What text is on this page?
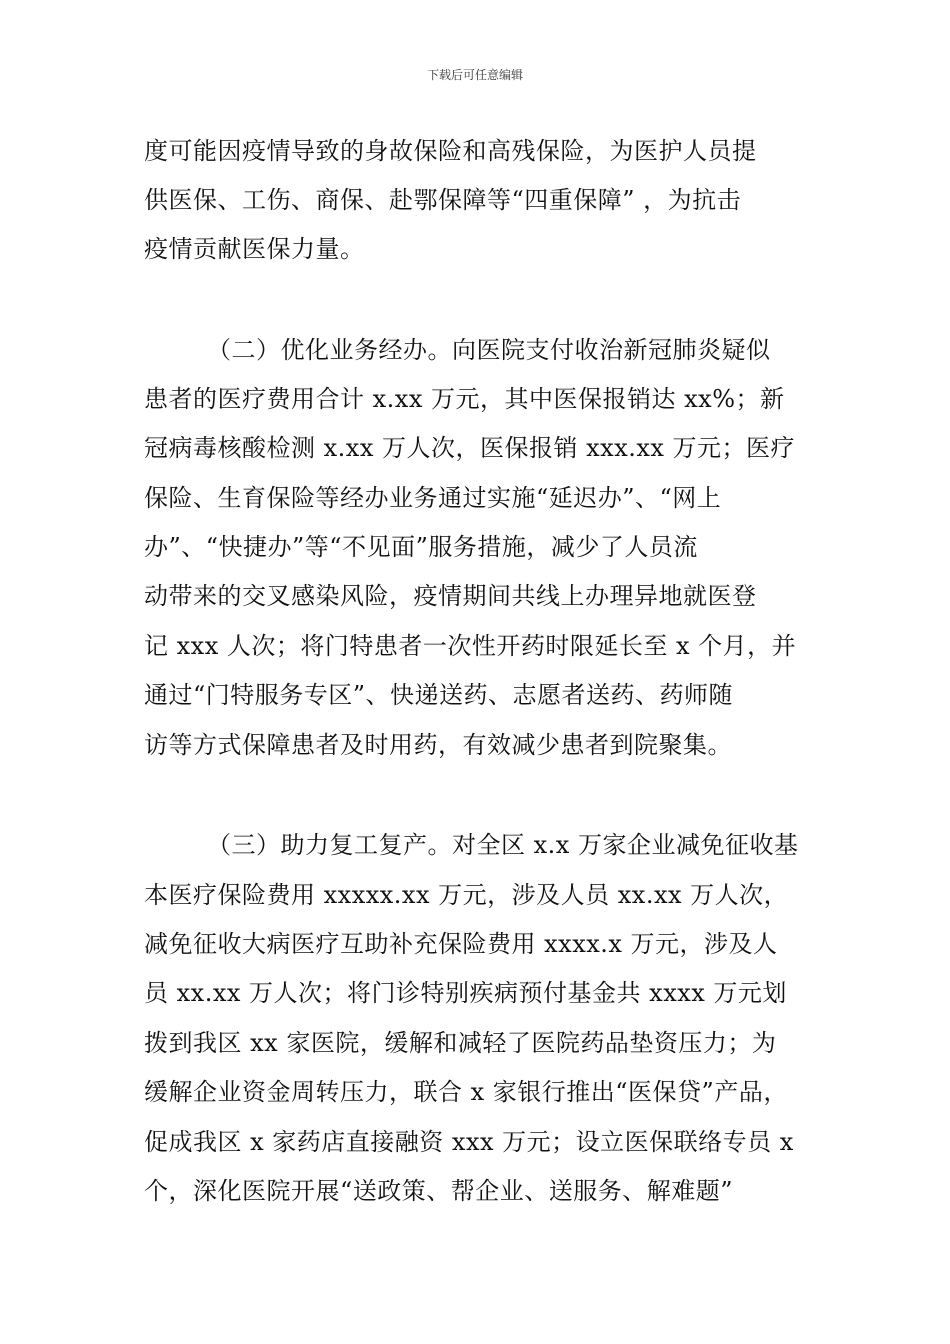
下载后可任意编辑
度可能因疫情导致的身故保险和高残保险，为医护人员提
供医保、工伤、商保、赴鄂保障等“四重保障” ，为抗击
疫情贡献医保力量。
（二）优化业务经办。向医院支付收治新冠肺炎疑似
患者的医疗费用合计 x.xx 万元，其中医保报销达 xx%；新
冠病毒核酸检测 x.xx 万人次，医保报销 xxx.xx 万元；医疗
保险、生育保险等经办业务通过实施“延迟办”、“网上
办”、“快捷办”等“不见面”服务措施，减少了人员流
动带来的交叉感染风险，疫情期间共线上办理异地就医登
记 xxx 人次；将门特患者一次性开药时限延长至 x 个月，并
通过“门特服务专区”、快递送药、志愿者送药、药师随
访等方式保障患者及时用药，有效减少患者到院聚集。
（三）助力复工复产。对全区 x.x 万家企业减免征收基
本医疗保险费用 xxxxx.xx 万元，涉及人员 xx.xx 万人次，
减免征收大病医疗互助补充保险费用 xxxx.x 万元，涉及人
员 xx.xx 万人次；将门诊特别疾病预付基金共 xxxx 万元划
拨到我区 xx 家医院，缓解和减轻了医院药品垫资压力；为
缓解企业资金周转压力，联合 x 家银行推出“医保贷”产品，
促成我区 x 家药店直接融资 xxx 万元；设立医保联络专员 x
个，深化医院开展“送政策、帮企业、送服务、解难题”
